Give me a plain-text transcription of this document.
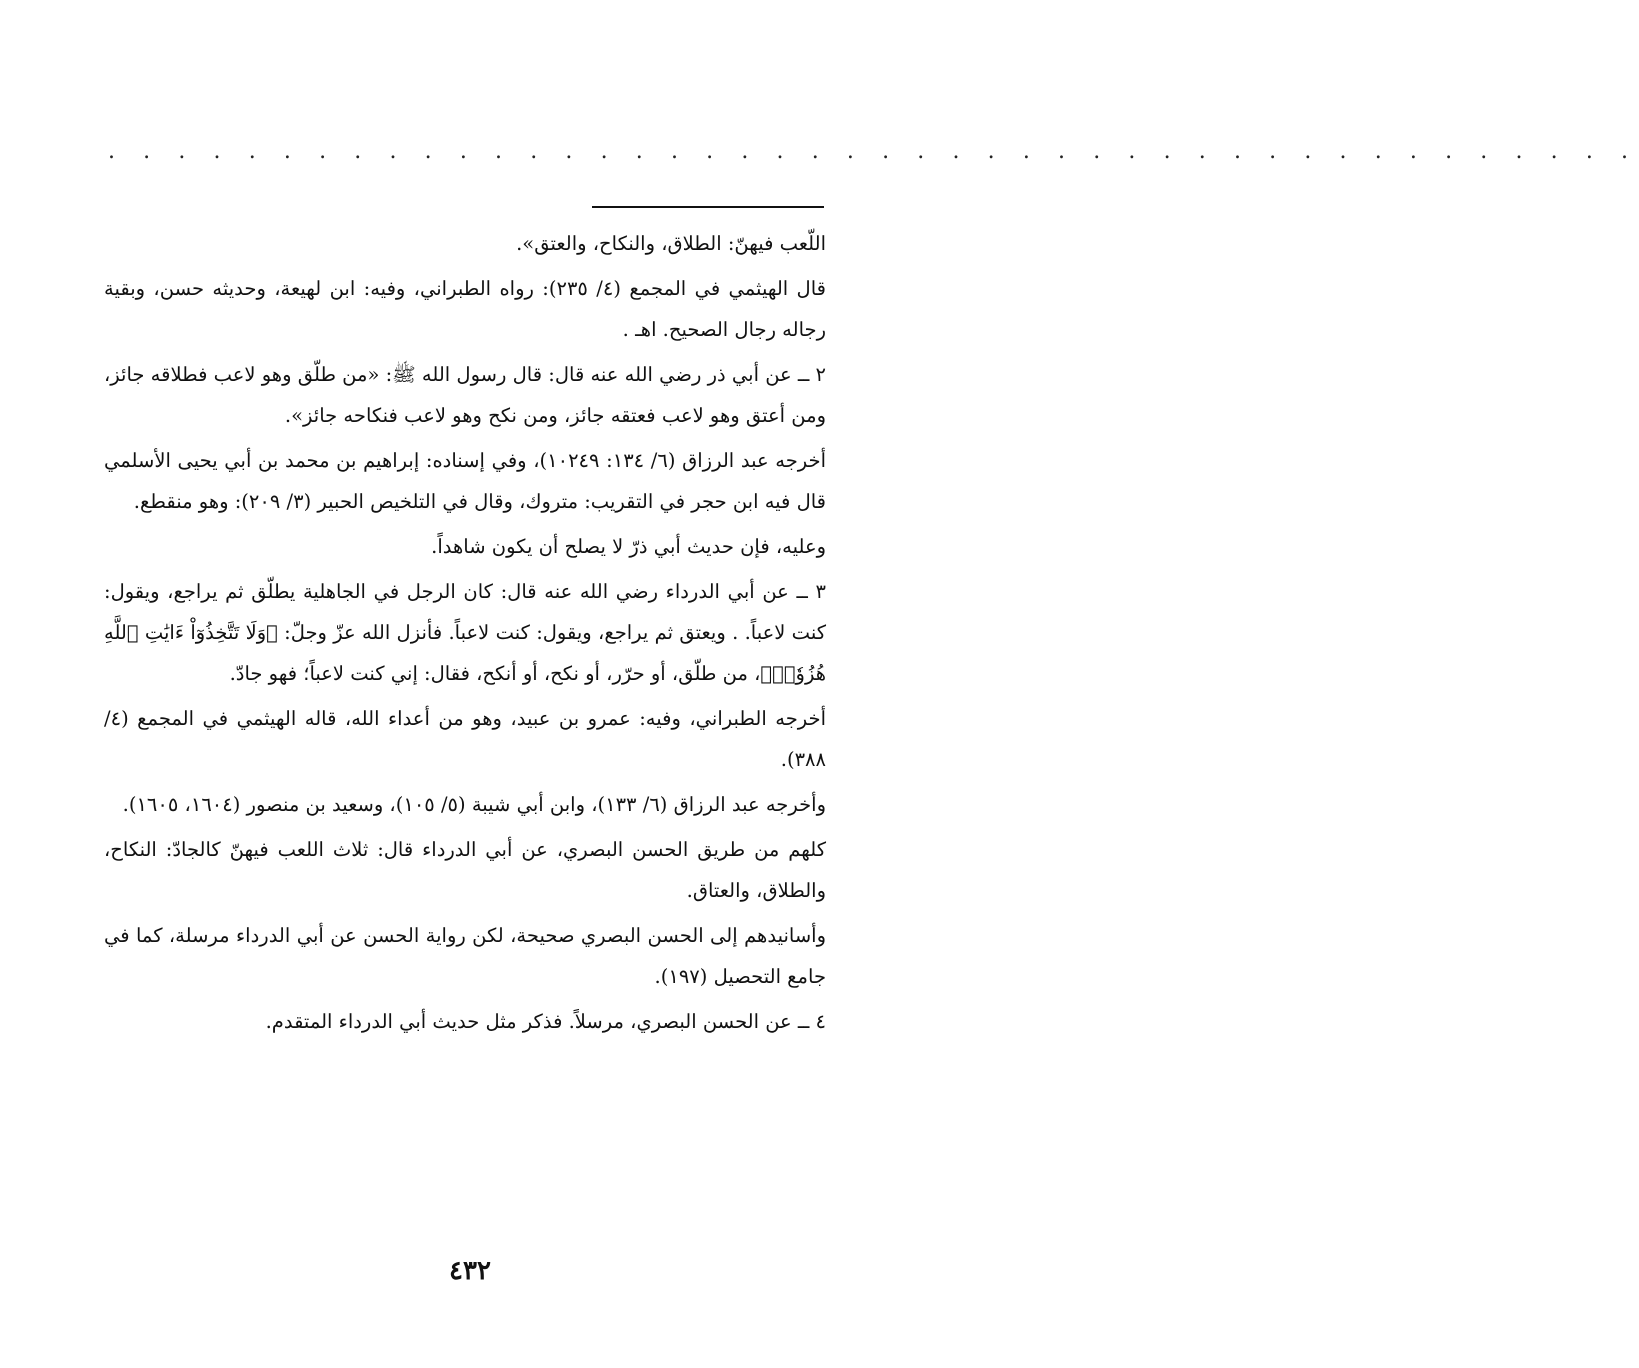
. . . . . . . . . . . . . . . . . . . . . . . . . . . . . . . . . . . . . . . . . . . .

اللّعب فيهنّ: الطلاق، والنكاح، والعتق».

قال الهيثمي في المجمع (٤/ ٢٣٥): رواه الطبراني، وفيه: ابن لهيعة، وحديثه حسن، وبقية رجاله رجال الصحيح. اهـ .

٢ ــ عن أبي ذر رضي الله عنه قال: قال رسول الله ﷺ: «من طلّق وهو لاعب فطلاقه جائز، ومن أعتق وهو لاعب فعتقه جائز، ومن نكح وهو لاعب فنكاحه جائز».

أخرجه عبد الرزاق (٦/ ١٣٤: ١٠٢٤٩)، وفي إسناده: إبراهيم بن محمد بن أبي يحيى الأسلمي قال فيه ابن حجر في التقريب: متروك، وقال في التلخيص الحبير (٣/ ٢٠٩): وهو منقطع.

وعليه، فإن حديث أبي ذرّ لا يصلح أن يكون شاهداً.

٣ ــ عن أبي الدرداء رضي الله عنه قال: كان الرجل في الجاهلية يطلّق ثم يراجع، ويقول: كنت لاعباً. . ويعتق ثم يراجع، ويقول: كنت لاعباً. فأنزل الله عزّ وجلّ: ﴿وَلَا تَتَّخِذُوٓاْ ءَايَٰتِ ٱللَّهِ هُزُوٗاۚ﴾، من طلّق، أو حرّر، أو نكح، أو أنكح، فقال: إني كنت لاعباً؛ فهو جادّ.

أخرجه الطبراني، وفيه: عمرو بن عبيد، وهو من أعداء الله، قاله الهيثمي في المجمع (٤/ ٣٨٨).

وأخرجه عبد الرزاق (٦/ ١٣٣)، وابن أبي شيبة (٥/ ١٠٥)، وسعيد بن منصور (١٦٠٤، ١٦٠٥).

كلهم من طريق الحسن البصري، عن أبي الدرداء قال: ثلاث اللعب فيهنّ كالجادّ: النكاح، والطلاق، والعتاق.

وأسانيدهم إلى الحسن البصري صحيحة، لكن رواية الحسن عن أبي الدرداء مرسلة، كما في جامع التحصيل (١٩٧).

٤ ــ عن الحسن البصري، مرسلاً. فذكر مثل حديث أبي الدرداء المتقدم.

٤٣٢
